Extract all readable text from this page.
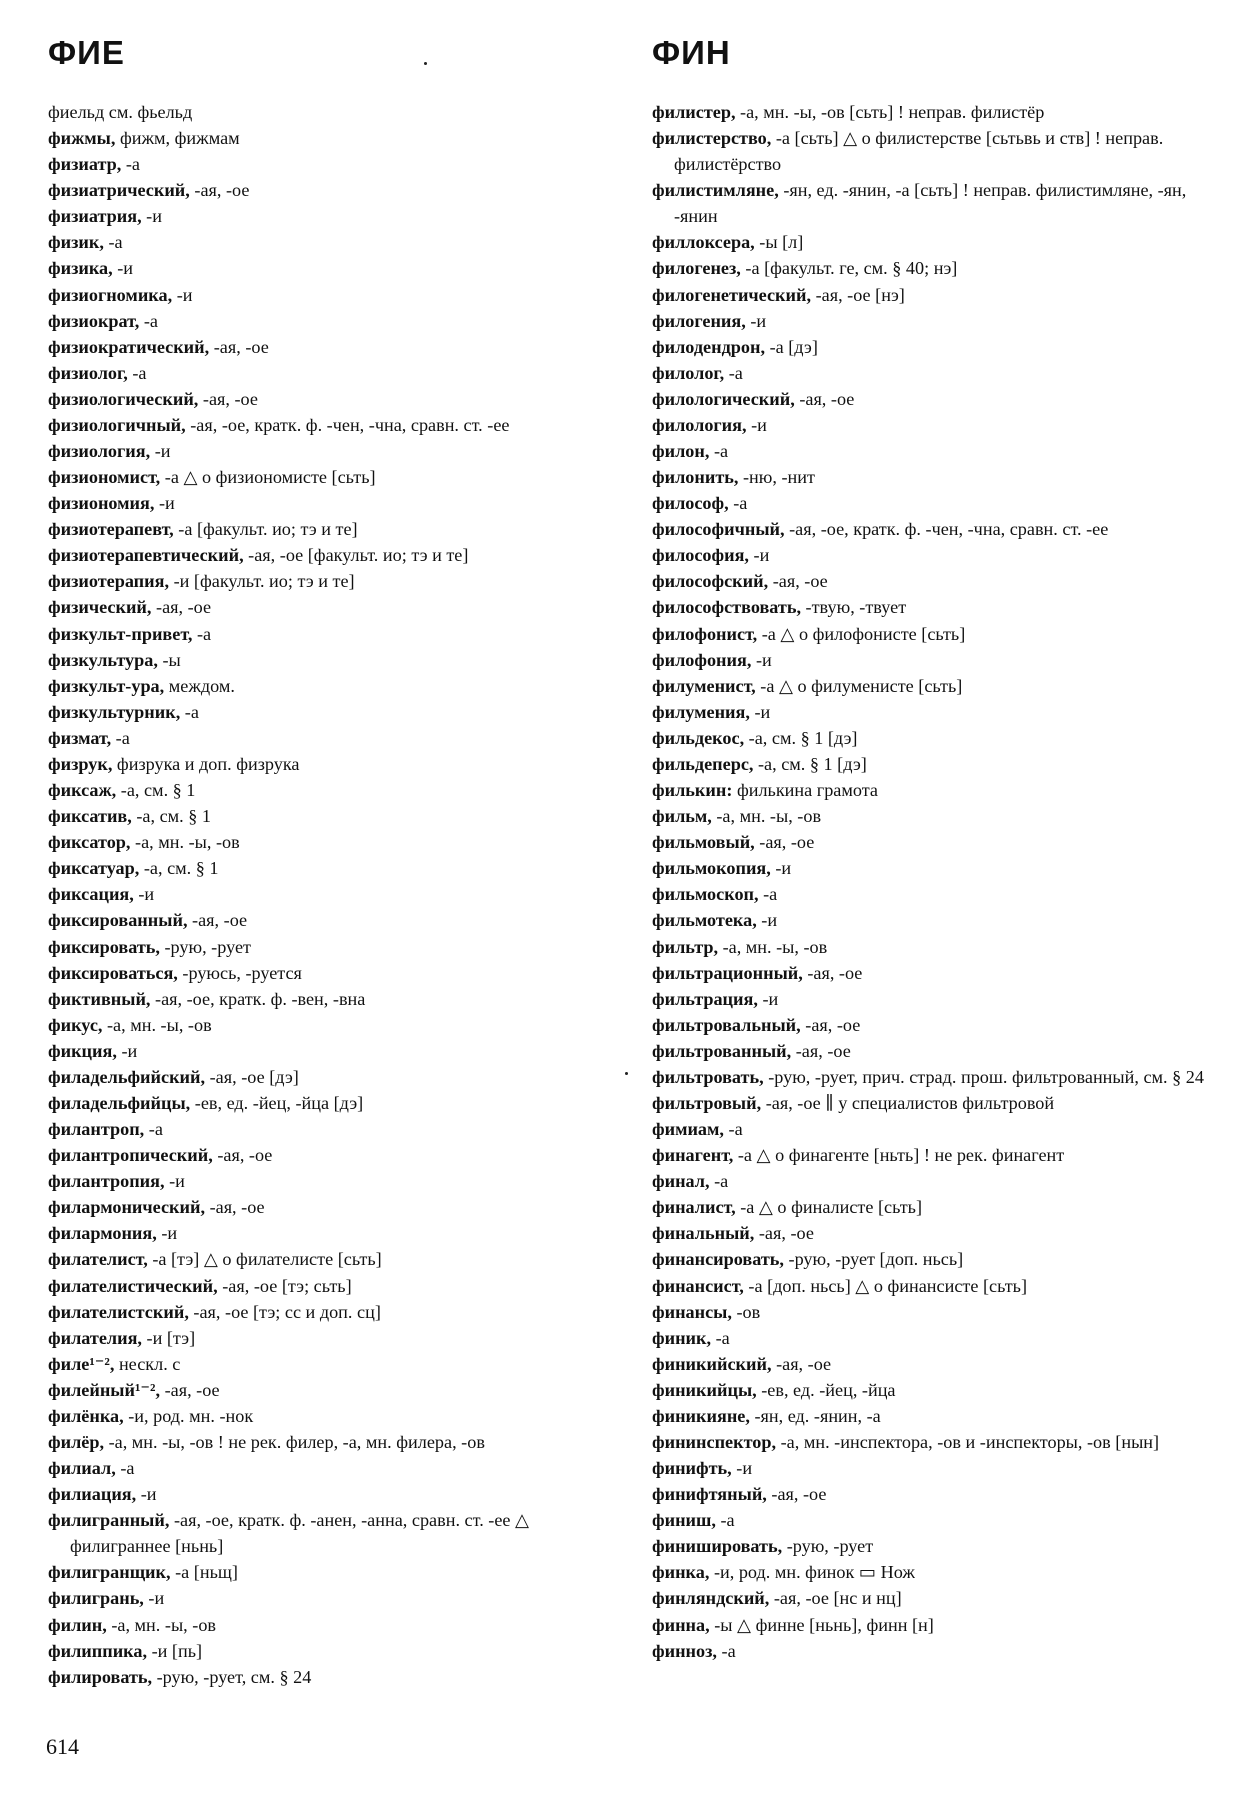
ФИЕ	ФИН
фиельд см. фьельд
фижмы, фижм, фижмам
физиатр, -а
физиатрический, -ая, -ое
физиатрия, -и
физик, -а
физика, -и
физиогномика, -и
физиократ, -а
физиократический, -ая, -ое
физиолог, -а
физиологический, -ая, -ое
физиологичный, -ая, -ое, кратк. ф. -чен, -чна, сравн. ст. -ее
физиология, -и
физиономист, -а △ о физиономисте [сьть]
физиономия, -и
физиотерапевт, -а [факульт. ио; тэ и те]
физиотерапевтический, -ая, -ое [факульт. ио; тэ и те]
физиотерапия, -и [факульт. ио; тэ и те]
физический, -ая, -ое
физкульт-привет, -а
физкультура, -ы
физкульт-ура, междом.
физкультурник, -а
физмат, -а
физрук, физрука и доп. физрука
фиксаж, -а, см. § 1
фиксатив, -а, см. § 1
фиксатор, -а, мн. -ы, -ов
фиксатуар, -а, см. § 1
фиксация, -и
фиксированный, -ая, -ое
фиксировать, -рую, -рует
фиксироваться, -руюсь, -руется
фиктивный, -ая, -ое, кратк. ф. -вен, -вна
фикус, -а, мн. -ы, -ов
фикция, -и
филадельфийский, -ая, -ое [дэ]
филадельфийцы, -ев, ед. -йец, -йца [дэ]
филантроп, -а
филантропический, -ая, -ое
филантропия, -и
филармонический, -ая, -ое
филармония, -и
филателист, -а [тэ] △ о филателисте [сьть]
филателистический, -ая, -ое [тэ; сьть]
филателистский, -ая, -ое [тэ; сс и доп. сц]
филателия, -и [тэ]
филе¹⁻², нескл. с
филейный¹⁻², -ая, -ое
филёнка, -и, род. мн. -нок
филёр, -а, мн. -ы, -ов ! не рек. филер, -а, мн. филера, -ов
филиал, -а
филиация, -и
филигранный, -ая, -ое, кратк. ф. -анен, -анна, сравн. ст. -ее △ филиграннее [ньнь]
филигранщик, -а [ньщ]
филигрань, -и
филин, -а, мн. -ы, -ов
филиппика, -и [пь]
филировать, -рую, -рует, см. § 24
филистер, -а, мн. -ы, -ов [сьть] ! неправ. филистёр
филистерство, -а [сьть] △ о филистерстве [сьтьвь и ств] ! неправ. филистёрство
филистимляне, -ян, ед. -янин, -а [сьть] ! неправ. филистимляне, -ян, -янин
филлоксера, -ы [л]
филогенез, -а [факульт. ге, см. § 40; нэ]
филогенетический, -ая, -ое [нэ]
филогения, -и
филодендрон, -а [дэ]
филолог, -а
филологический, -ая, -ое
филология, -и
филон, -а
филонить, -ню, -нит
философ, -а
философичный, -ая, -ое, кратк. ф. -чен, -чна, сравн. ст. -ее
философия, -и
философский, -ая, -ое
философствовать, -твую, -твует
филофонист, -а △ о филофонисте [сьть]
филофония, -и
филуменист, -а △ о филуменисте [сьть]
филумения, -и
фильдекос, -а, см. § 1 [дэ]
фильдеперс, -а, см. § 1 [дэ]
филькин: филькина грамота
фильм, -а, мн. -ы, -ов
фильмовый, -ая, -ое
фильмокопия, -и
фильмоскоп, -а
фильмотека, -и
фильтр, -а, мн. -ы, -ов
фильтрационный, -ая, -ое
фильтрация, -и
фильтровальный, -ая, -ое
фильтрованный, -ая, -ое
фильтровать, -рую, -рует, прич. страд. прош. фильтрованный, см. § 24
фильтровый, -ая, -ое ∥ у специалистов фильтровой
фимиам, -а
финагент, -а △ о финагенте [ньть] ! не рек. финагент
финал, -а
финалист, -а △ о финалисте [сьть]
финальный, -ая, -ое
финансировать, -рую, -рует [доп. ньсь]
финансист, -а [доп. ньсь] △ о финансисте [сьть]
финансы, -ов
финик, -а
финикийский, -ая, -ое
финикийцы, -ев, ед. -йец, -йца
финикияне, -ян, ед. -янин, -а
фининспектор, -а, мн. -инспектора, -ов и -инспекторы, -ов [нын]
финифть, -и
финифтяный, -ая, -ое
финиш, -а
финишировать, -рую, -рует
финка, -и, род. мн. финок ▭ Нож
финляндский, -ая, -ое [нс и нц]
финна, -ы △ финне [ньнь], финн [н]
финноз, -а
614
